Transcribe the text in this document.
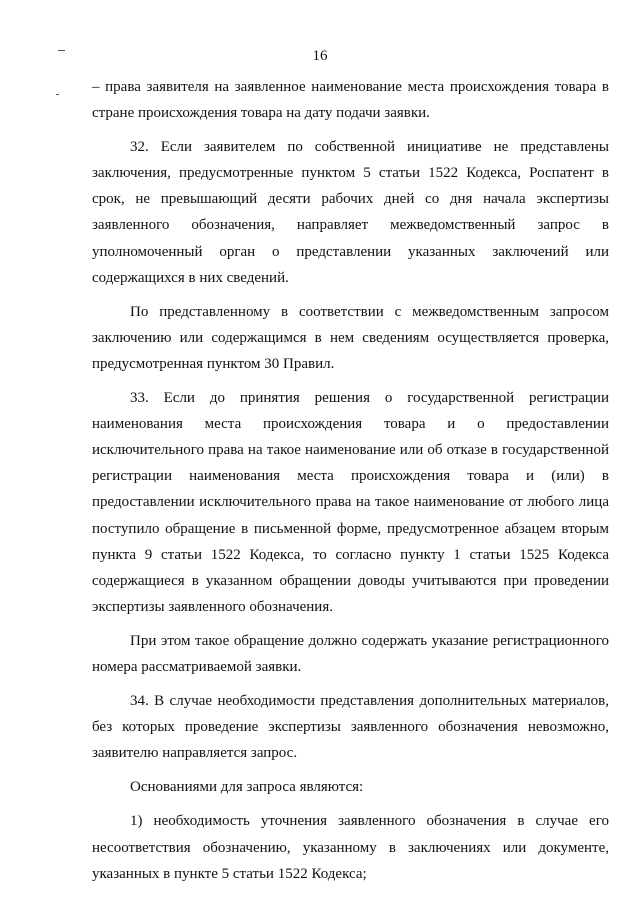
16

– права заявителя на заявленное наименование места происхождения товара в стране происхождения товара на дату подачи заявки.

32. Если заявителем по собственной инициативе не представлены заключения, предусмотренные пунктом 5 статьи 1522 Кодекса, Роспатент в срок, не превышающий десяти рабочих дней со дня начала экспертизы заявленного обозначения, направляет межведомственный запрос в уполномоченный орган о представлении указанных заключений или содержащихся в них сведений.

По представленному в соответствии с межведомственным запросом заключению или содержащимся в нем сведениям осуществляется проверка, предусмотренная пунктом 30 Правил.

33. Если до принятия решения о государственной регистрации наименования места происхождения товара и о предоставлении исключительного права на такое наименование или об отказе в государственной регистрации наименования места происхождения товара и (или) в предоставлении исключительного права на такое наименование от любого лица поступило обращение в письменной форме, предусмотренное абзацем вторым пункта 9 статьи 1522 Кодекса, то согласно пункту 1 статьи 1525 Кодекса содержащиеся в указанном обращении доводы учитываются при проведении экспертизы заявленного обозначения.

При этом такое обращение должно содержать указание регистрационного номера рассматриваемой заявки.

34. В случае необходимости представления дополнительных материалов, без которых проведение экспертизы заявленного обозначения невозможно, заявителю направляется запрос.

Основаниями для запроса являются:

1) необходимость уточнения заявленного обозначения в случае его несоответствия обозначению, указанному в заключениях или документе, указанных в пункте 5 статьи 1522 Кодекса;
